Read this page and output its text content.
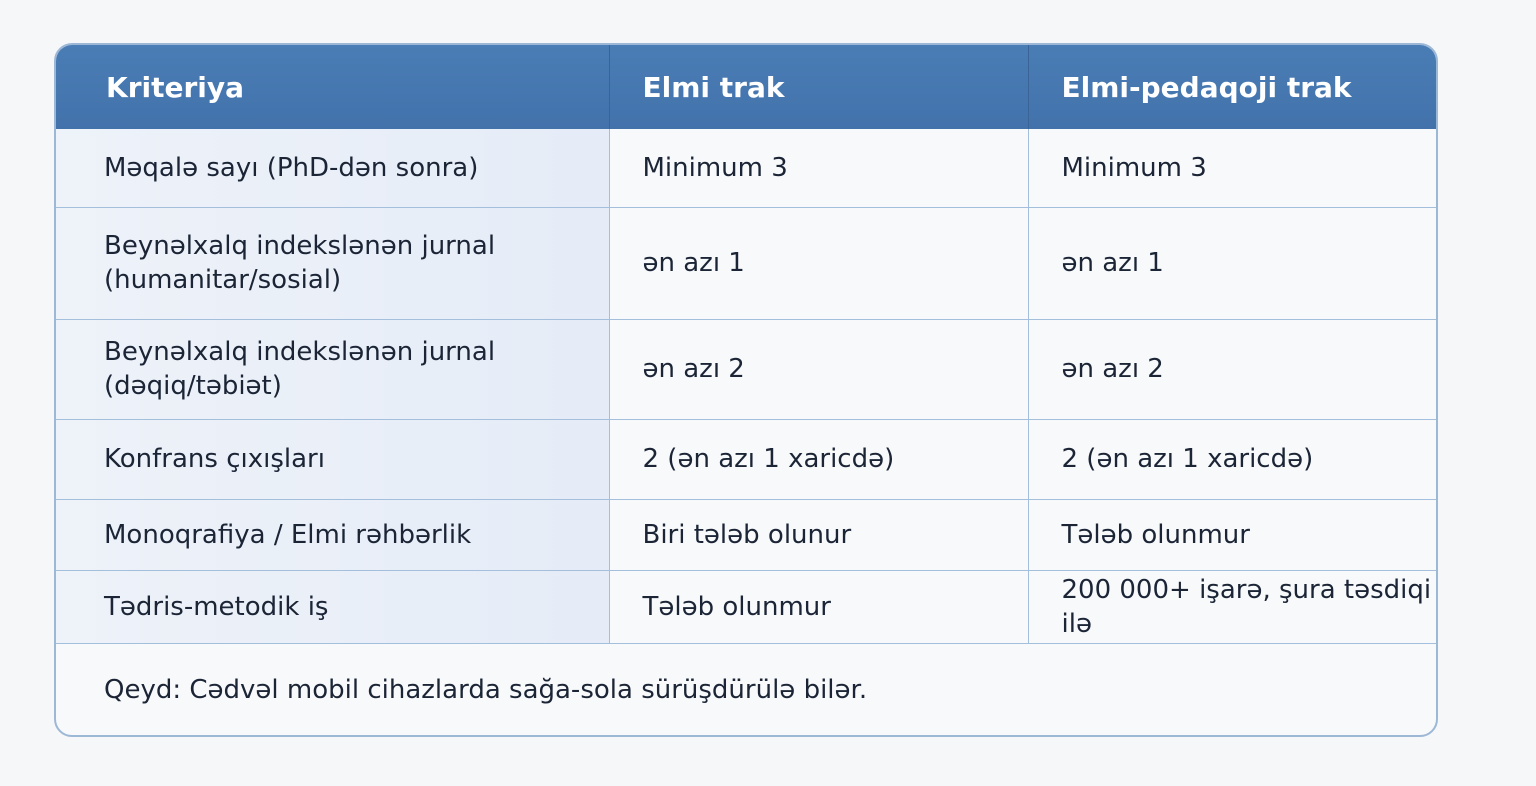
Kriteriya	Elmi trak	Elmi-pedaqoji trak
Məqalə sayı (PhD-dən sonra)	Minimum 3	Minimum 3
Beynəlxalq indekslənən jurnal (humanitar/sosial)	ən azı 1	ən azı 1
Beynəlxalq indekslənən jurnal (dəqiq/təbiət)	ən azı 2	ən azı 2
Konfrans çıxışları	2 (ən azı 1 xaricdə)	2 (ən azı 1 xaricdə)
Monoqrafiya / Elmi rəhbərlik	Biri tələb olunur	Tələb olunmur
Tədris-metodik iş	Tələb olunmur	200 000+ işarə, şura təsdiqi ilə
Qeyd: Cədvəl mobil cihazlarda sağa-sola sürüşdürülə bilər.
